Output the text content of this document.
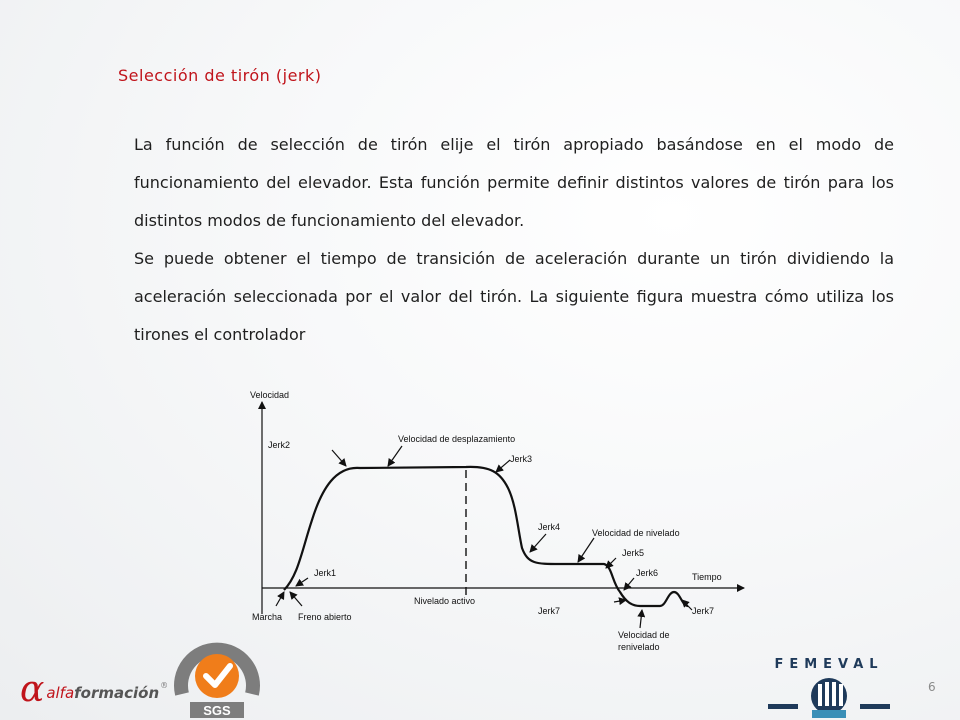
Selección de tirón (jerk)

La función de selección de tirón elije el tirón apropiado basándose en el modo de funcionamiento del elevador. Esta función permite definir distintos valores de tirón para los distintos modos de funcionamiento del elevador.

Se puede obtener el tiempo de transición de aceleración durante un tirón dividiendo la aceleración seleccionada por el valor del tirón. La siguiente figura muestra cómo utiliza los tirones el controlador

Velocidad
Tiempo
Jerk2
Velocidad de desplazamiento
Jerk3
Jerk4
Velocidad de nivelado
Jerk5
Jerk6
Jerk1
Nivelado activo
Jerk7	Jerk7
Marcha Freno abierto
Velocidad de
renivelado
α alfaformación ®
SGS
6
FEMEVAL
